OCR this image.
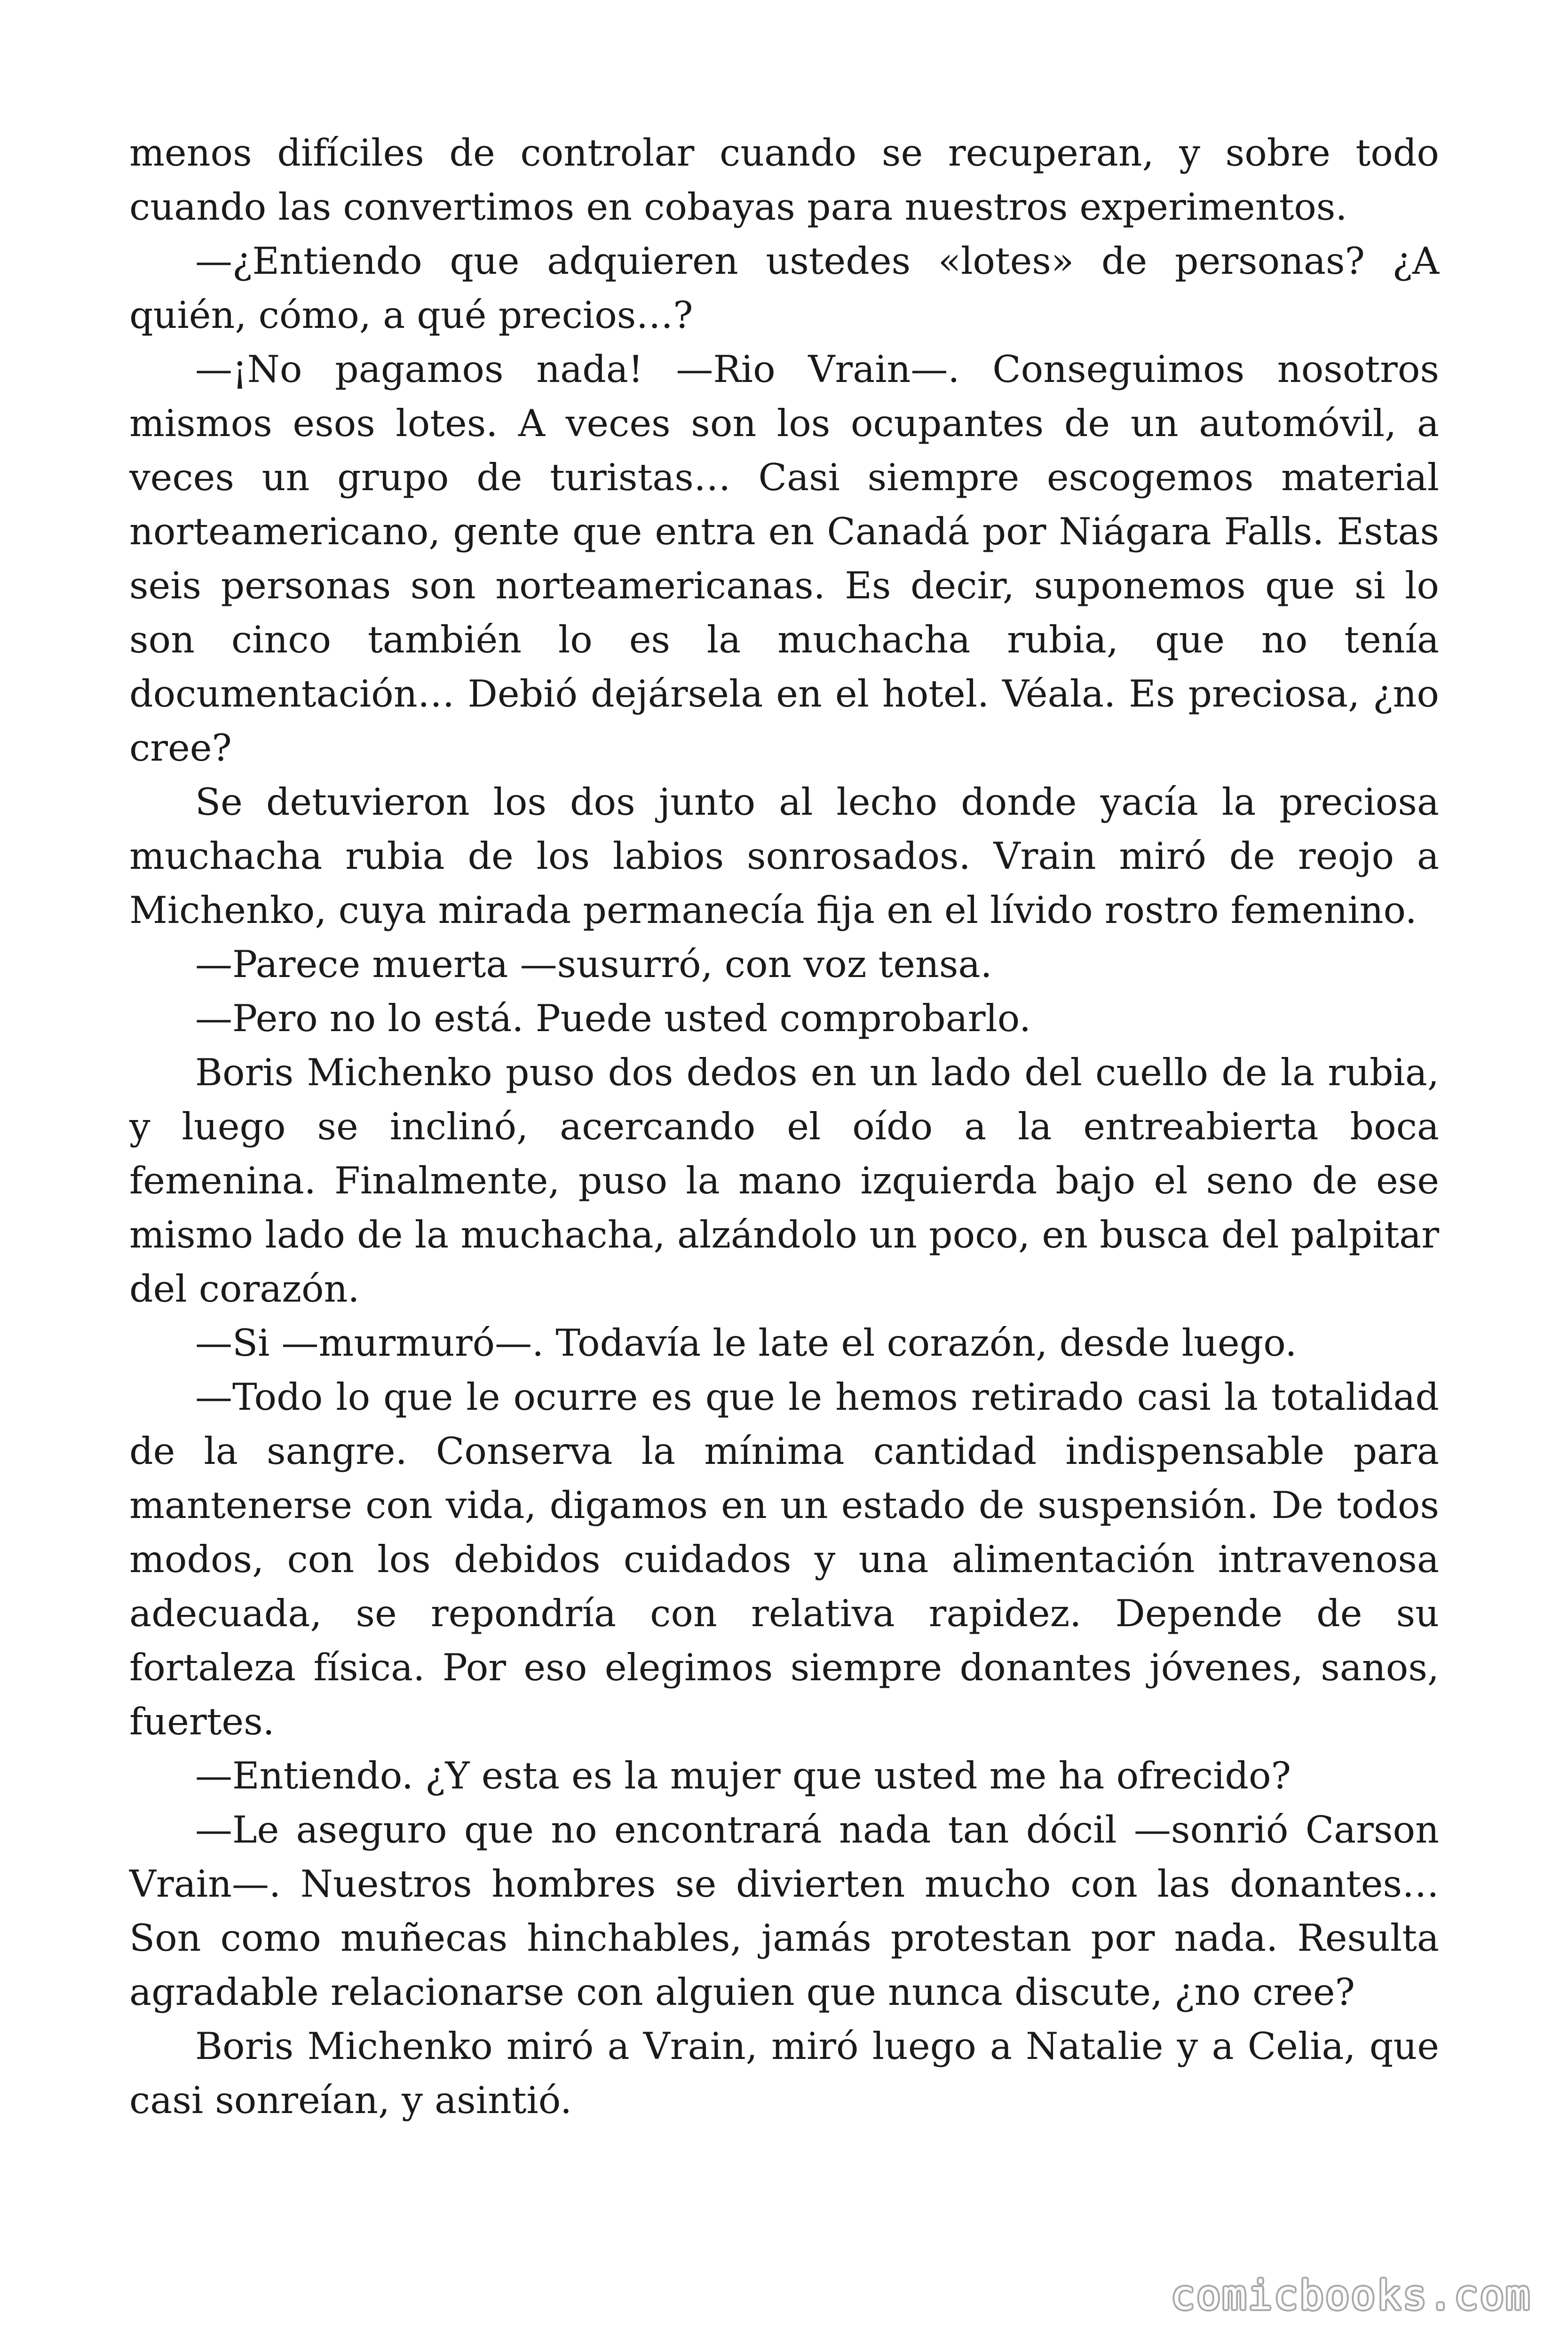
menos difíciles de controlar cuando se recuperan, y sobre todo cuando las convertimos en cobayas para nuestros experimentos.

—¿Entiendo que adquieren ustedes «lotes» de personas? ¿A quién, cómo, a qué precios…?

—¡No pagamos nada! —Rio Vrain—. Conseguimos nosotros mismos esos lotes. A veces son los ocupantes de un automóvil, a veces un grupo de turistas… Casi siempre escogemos material norteamericano, gente que entra en Canadá por Niágara Falls. Estas seis personas son norteamericanas. Es decir, suponemos que si lo son cinco también lo es la muchacha rubia, que no tenía documentación… Debió dejársela en el hotel. Véala. Es preciosa, ¿no cree?

Se detuvieron los dos junto al lecho donde yacía la preciosa muchacha rubia de los labios sonrosados. Vrain miró de reojo a Michenko, cuya mirada permanecía fija en el lívido rostro femenino.

—Parece muerta —susurró, con voz tensa.

—Pero no lo está. Puede usted comprobarlo.

Boris Michenko puso dos dedos en un lado del cuello de la rubia, y luego se inclinó, acercando el oído a la entreabierta boca femenina. Finalmente, puso la mano izquierda bajo el seno de ese mismo lado de la muchacha, alzándolo un poco, en busca del palpitar del corazón.

—Si —murmuró—. Todavía le late el corazón, desde luego.

—Todo lo que le ocurre es que le hemos retirado casi la totalidad de la sangre. Conserva la mínima cantidad indispensable para mantenerse con vida, digamos en un estado de suspensión. De todos modos, con los debidos cuidados y una alimentación intravenosa adecuada, se repondría con relativa rapidez. Depende de su fortaleza física. Por eso elegimos siempre donantes jóvenes, sanos, fuertes.

—Entiendo. ¿Y esta es la mujer que usted me ha ofrecido?

—Le aseguro que no encontrará nada tan dócil —sonrió Carson Vrain—. Nuestros hombres se divierten mucho con las donantes… Son como muñecas hinchables, jamás protestan por nada. Resulta agradable relacionarse con alguien que nunca discute, ¿no cree?

Boris Michenko miró a Vrain, miró luego a Natalie y a Celia, que casi sonreían, y asintió.

comicbooks.com
